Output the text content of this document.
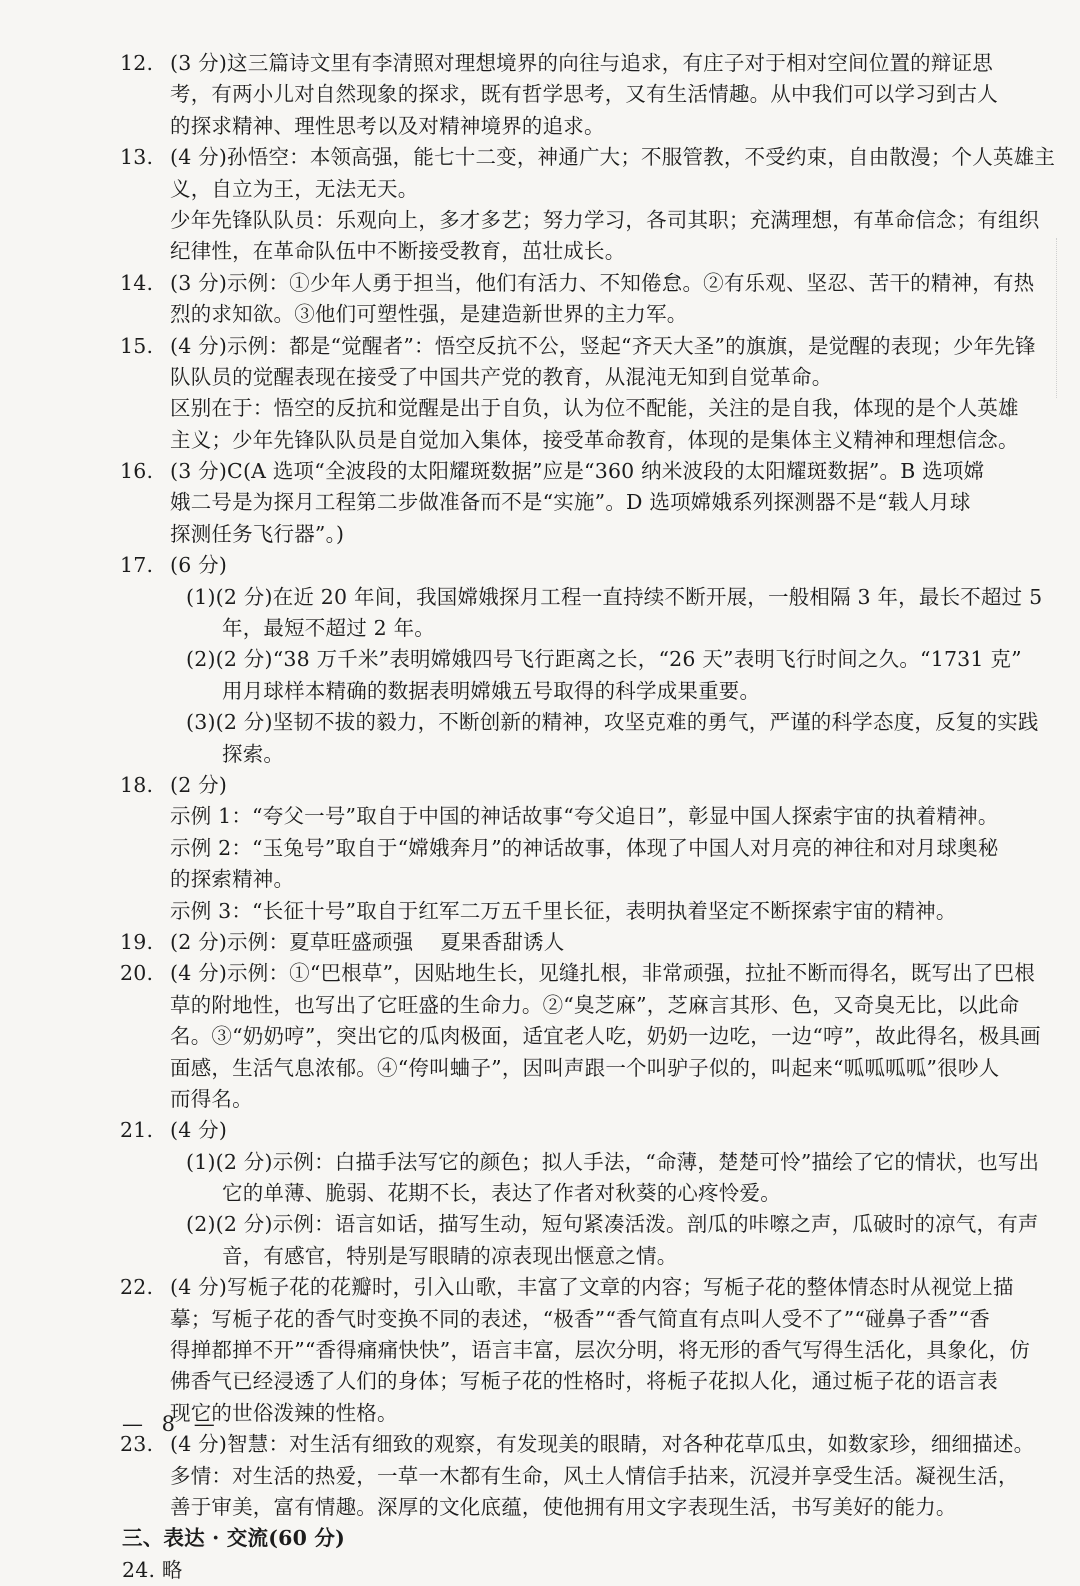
12. (3 分)这三篇诗文里有李清照对理想境界的向往与追求，有庄子对于相对空间位置的辩证思
考，有两小儿对自然现象的探求，既有哲学思考，又有生活情趣。从中我们可以学习到古人
的探求精神、理性思考以及对精神境界的追求。
13. (4 分)孙悟空：本领高强，能七十二变，神通广大；不服管教，不受约束，自由散漫；个人英雄主
义，自立为王，无法无天。
少年先锋队队员：乐观向上，多才多艺；努力学习，各司其职；充满理想，有革命信念；有组织
纪律性，在革命队伍中不断接受教育，茁壮成长。
14. (3 分)示例：①少年人勇于担当，他们有活力、不知倦怠。②有乐观、坚忍、苦干的精神，有热
烈的求知欲。③他们可塑性强，是建造新世界的主力军。
15. (4 分)示例：都是“觉醒者”：悟空反抗不公，竖起“齐天大圣”的旗旗，是觉醒的表现；少年先锋
队队员的觉醒表现在接受了中国共产党的教育，从混沌无知到自觉革命。
区别在于：悟空的反抗和觉醒是出于自负，认为位不配能，关注的是自我，体现的是个人英雄
主义；少年先锋队队员是自觉加入集体，接受革命教育，体现的是集体主义精神和理想信念。
16. (3 分)C(A 选项“全波段的太阳耀斑数据”应是“360 纳米波段的太阳耀斑数据”。B 选项嫦
娥二号是为探月工程第二步做准备而不是“实施”。D 选项嫦娥系列探测器不是“载人月球
探测任务飞行器”。)
17. (6 分)
(1)(2 分)在近 20 年间，我国嫦娥探月工程一直持续不断开展，一般相隔 3 年，最长不超过 5
年，最短不超过 2 年。
(2)(2 分)“38 万千米”表明嫦娥四号飞行距离之长，“26 天”表明飞行时间之久。“1731 克”
用月球样本精确的数据表明嫦娥五号取得的科学成果重要。
(3)(2 分)坚韧不拔的毅力，不断创新的精神，攻坚克难的勇气，严谨的科学态度，反复的实践
探索。
18. (2 分)
示例 1：“夸父一号”取自于中国的神话故事“夸父追日”，彰显中国人探索宇宙的执着精神。
示例 2：“玉兔号”取自于“嫦娥奔月”的神话故事，体现了中国人对月亮的神往和对月球奥秘
的探索精神。
示例 3：“长征十号”取自于红军二万五千里长征，表明执着坚定不断探索宇宙的精神。
19. (2 分)示例：夏草旺盛顽强    夏果香甜诱人
20. (4 分)示例：①“巴根草”，因贴地生长，见缝扎根，非常顽强，拉扯不断而得名，既写出了巴根
草的附地性，也写出了它旺盛的生命力。②“臭芝麻”，芝麻言其形、色，又奇臭无比，以此命
名。③“奶奶哼”，突出它的瓜肉极面，适宜老人吃，奶奶一边吃，一边“哼”，故此得名，极具画
面感，生活气息浓郁。④“侉叫蛐子”，因叫声跟一个叫驴子似的，叫起来“呱呱呱呱”很吵人
而得名。
21. (4 分)
(1)(2 分)示例：白描手法写它的颜色；拟人手法，“命薄，楚楚可怜”描绘了它的情状，也写出
它的单薄、脆弱、花期不长，表达了作者对秋葵的心疼怜爱。
(2)(2 分)示例：语言如话，描写生动，短句紧凑活泼。剖瓜的咔嚓之声，瓜破时的凉气，有声
音，有感官，特别是写眼睛的凉表现出惬意之情。
22. (4 分)写栀子花的花瓣时，引入山歌，丰富了文章的内容；写栀子花的整体情态时从视觉上描
摹；写栀子花的香气时变换不同的表述，“极香”“香气简直有点叫人受不了”“碰鼻子香”“香
得掸都掸不开”“香得痛痛快快”，语言丰富，层次分明，将无形的香气写得生活化，具象化，仿
佛香气已经浸透了人们的身体；写栀子花的性格时，将栀子花拟人化，通过栀子花的语言表
现它的世俗泼辣的性格。
23. (4 分)智慧：对生活有细致的观察，有发现美的眼睛，对各种花草瓜虫，如数家珍，细细描述。
多情：对生活的热爱，一草一木都有生命，风土人情信手拈来，沉浸并享受生活。凝视生活，
善于审美，富有情趣。深厚的文化底蕴，使他拥有用文字表现生活，书写美好的能力。
三、表达 · 交流(60 分)
24. 略
— 8 —
